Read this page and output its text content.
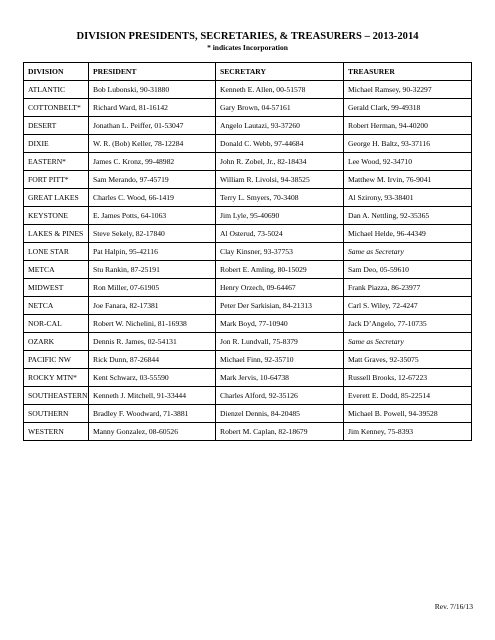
DIVISION PRESIDENTS, SECRETARIES, & TREASURERS – 2013-2014
* indicates Incorporation
DIVISION	PRESIDENT	SECRETARY	TREASURER
ATLANTIC	Bob Lubonski, 90-31880	Kenneth E. Allen, 00-51578	Michael Ramsey, 90-32297
COTTONBELT*	Richard Ward, 81-16142	Gary Brown, 04-57161	Gerald Clark, 99-49318
DESERT	Jonathan L. Peiffer, 01-53047	Angelo Lautazi, 93-37260	Robert Herman, 94-40200
DIXIE	W. R. (Bob) Keller, 78-12284	Donald C. Webb, 97-44684	George H. Baltz, 93-37116
EASTERN*	James C. Kronz, 99-48982	John R. Zobel, Jr., 82-18434	Lee Wood, 92-34710
FORT PITT*	Sam Merando, 97-45719	William R. Livolsi, 94-38525	Matthew M. Irvin, 76-9041
GREAT LAKES	Charles C. Wood, 66-1419	Terry L. Smyers, 70-3408	Al Szirony, 93-38401
KEYSTONE	E. James Potts, 64-1063	Jim Lyle, 95-40690	Dan A. Nettling, 92-35365
LAKES & PINES	Steve Sekely, 82-17840	Al Osterud, 73-5024	Michael Helde, 96-44349
LONE STAR	Pat Halpin, 95-42116	Clay Kinsner, 93-37753	Same as Secretary
METCA	Stu Rankin, 87-25191	Robert E. Amling, 80-15029	Sam Deo, 05-59610
MIDWEST	Ron Miller, 07-61905	Henry Orzech, 09-64467	Frank Piazza, 86-23977
NETCA	Joe Fanara, 82-17381	Peter Der Sarkisian, 84-21313	Carl S. Wiley, 72-4247
NOR-CAL	Robert W. Nichelini, 81-16938	Mark Boyd, 77-10940	Jack D’Angelo, 77-10735
OZARK	Dennis R. James, 02-54131	Jon R. Lundvall, 75-8379	Same as Secretary
PACIFIC NW	Rick Dunn, 87-26844	Michael Finn, 92-35710	Matt Graves, 92-35075
ROCKY MTN*	Kent Schwarz, 03-55590	Mark Jervis, 10-64738	Russell Brooks, 12-67223
SOUTHEASTERN	Kenneth J. Mitchell, 91-33444	Charles Alford, 92-35126	Everett E. Dodd, 85-22514
SOUTHERN	Bradley F. Woodward, 71-3881	Dienzel Dennis, 84-20485	Michael B. Powell, 94-39528
WESTERN	Manny Gonzalez, 08-60526	Robert M. Caplan, 82-18679	Jim Kenney, 75-8393
Rev. 7/16/13
